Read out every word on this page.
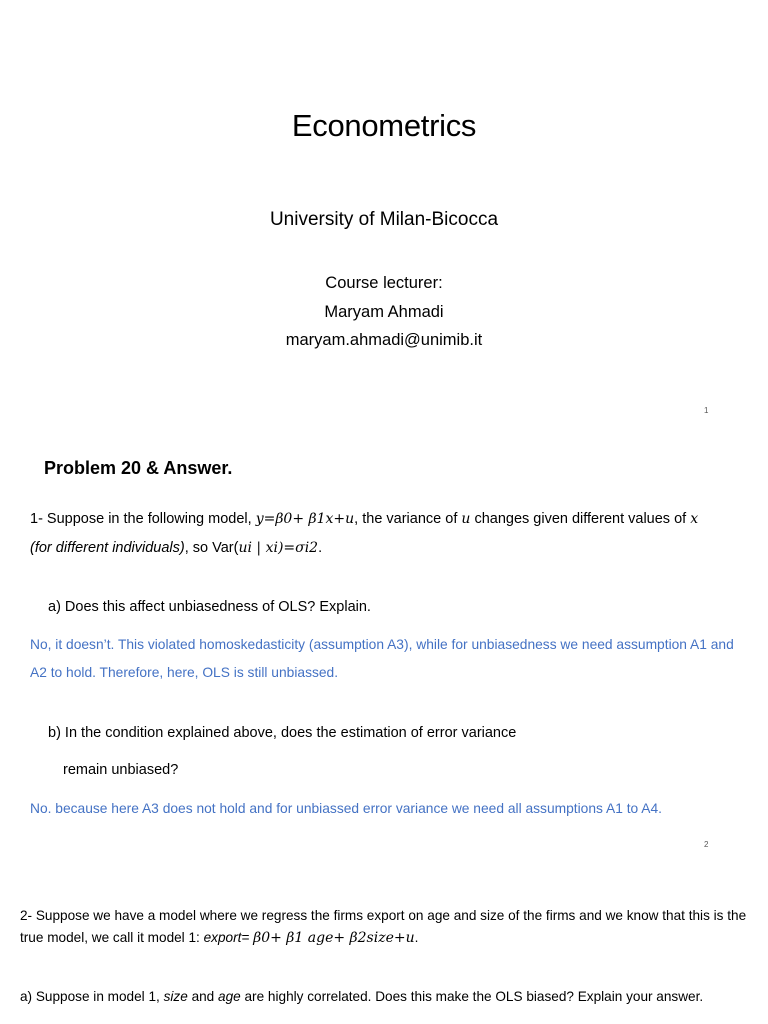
Econometrics
University of Milan-Bicocca
Course lecturer:
Maryam Ahmadi
maryam.ahmadi@unimib.it
1
Problem 20 & Answer.
1- Suppose in the following model, y=β0+ β1x+u, the variance of u changes given different values of x
(for different individuals), so Var(ui | xi)=σi2.
a) Does this affect unbiasedness of OLS? Explain.
No, it doesn’t. This violated homoskedasticity (assumption A3), while for unbiasedness we need assumption A1 and A2 to hold. Therefore, here, OLS is still unbiassed.
b) In the condition explained above, does the estimation of error variance
remain unbiased?
No. because here A3 does not hold and for unbiassed error variance we need all assumptions A1 to A4.
2
2- Suppose we have a model where we regress the firms export on age and size of the firms and we know that this is the true model, we call it model 1: export= β0+ β1 age+ β2size+u.
a) Suppose in model 1, size and age are highly correlated. Does this make the OLS biased? Explain your answer.
